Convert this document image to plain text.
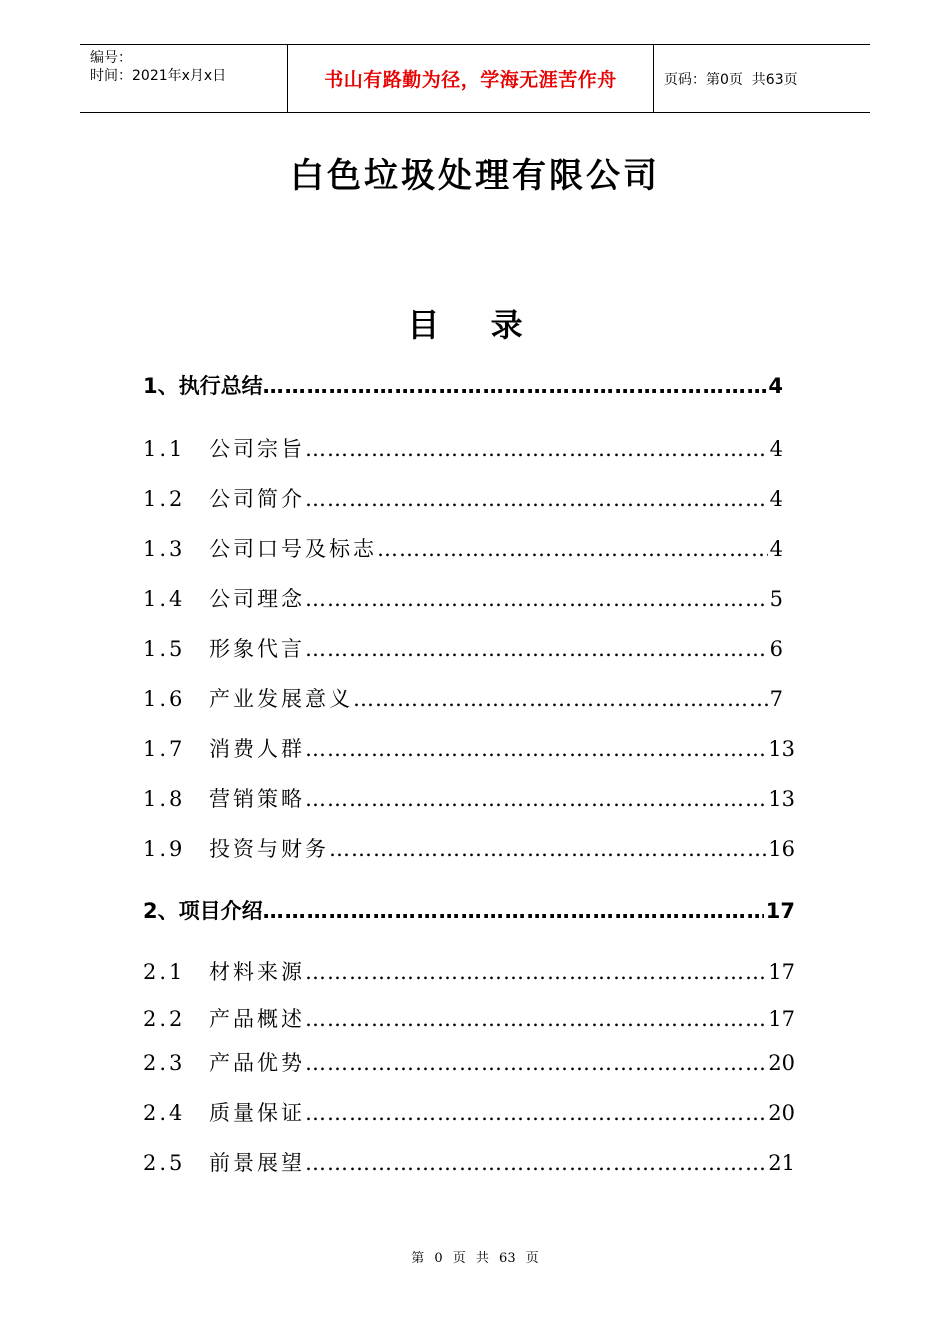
编号：
时间：2021年x月x日	书山有路勤为径，学海无涯苦作舟	页码：第0页  共63页
白色垃圾处理有限公司
目 录
1、 执行总结 ……………………………………………………………………………………………………………	4
1.1	公司宗旨 ……………………………………………………………………………………………………………	4
1.2	公司简介 ……………………………………………………………………………………………………………	4
1.3	公司口号及标志 ……………………………………………………………………………………………………………	4
1.4	公司理念 ……………………………………………………………………………………………………………	5
1.5	形象代言 ……………………………………………………………………………………………………………	6
1.6	产业发展意义 ……………………………………………………………………………………………………………	7
1.7	消费人群 ……………………………………………………………………………………………………………	13
1.8	营销策略 ……………………………………………………………………………………………………………	13
1.9	投资与财务 ……………………………………………………………………………………………………………	16
2、 项目介绍 ……………………………………………………………………………………………………………	17
2.1	材料来源 ……………………………………………………………………………………………………………	17
2.2	产品概述 ……………………………………………………………………………………………………………	17
2.3	产品优势 ……………………………………………………………………………………………………………	20
2.4	质量保证 ……………………………………………………………………………………………………………	20
2.5	前景展望 ……………………………………………………………………………………………………………	21
第 0 页 共 63 页
